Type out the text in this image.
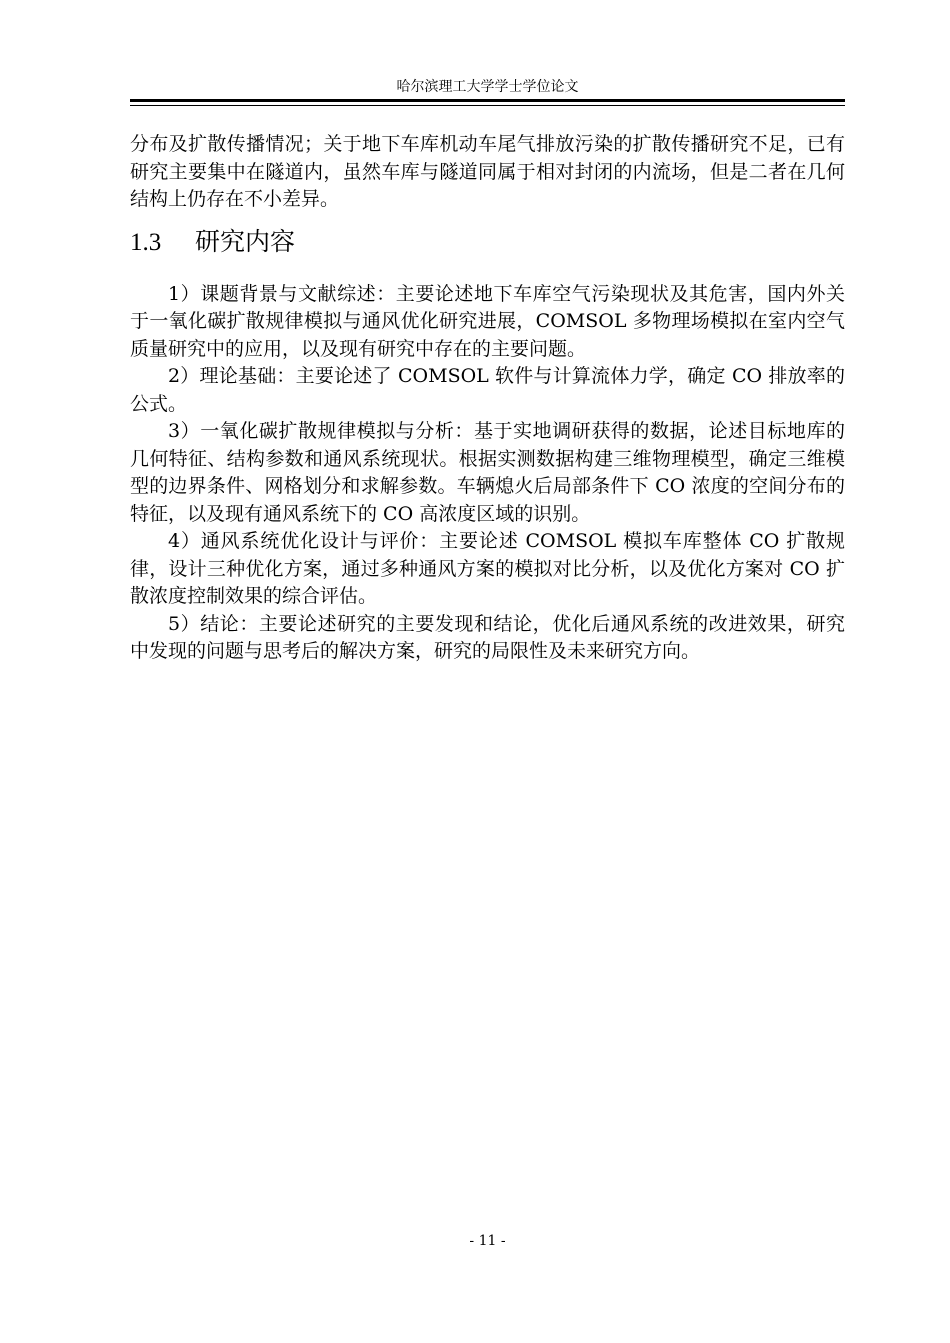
哈尔滨理工大学学士学位论文

分布及扩散传播情况；关于地下车库机动车尾气排放污染的扩散传播研究不足，已有研究主要集中在隧道内，虽然车库与隧道同属于相对封闭的内流场，但是二者在几何结构上仍存在不小差异。

1.3 研究内容

1）课题背景与文献综述：主要论述地下车库空气污染现状及其危害，国内外关于一氧化碳扩散规律模拟与通风优化研究进展，COMSOL 多物理场模拟在室内空气质量研究中的应用，以及现有研究中存在的主要问题。

2）理论基础：主要论述了 COMSOL 软件与计算流体力学，确定 CO 排放率的公式。

3）一氧化碳扩散规律模拟与分析：基于实地调研获得的数据，论述目标地库的几何特征、结构参数和通风系统现状。根据实测数据构建三维物理模型，确定三维模型的边界条件、网格划分和求解参数。车辆熄火后局部条件下 CO 浓度的空间分布的特征，以及现有通风系统下的 CO 高浓度区域的识别。

4）通风系统优化设计与评价：主要论述 COMSOL 模拟车库整体 CO 扩散规律，设计三种优化方案，通过多种通风方案的模拟对比分析，以及优化方案对 CO 扩散浓度控制效果的综合评估。

5）结论：主要论述研究的主要发现和结论，优化后通风系统的改进效果，研究中发现的问题与思考后的解决方案，研究的局限性及未来研究方向。

- 11 -
